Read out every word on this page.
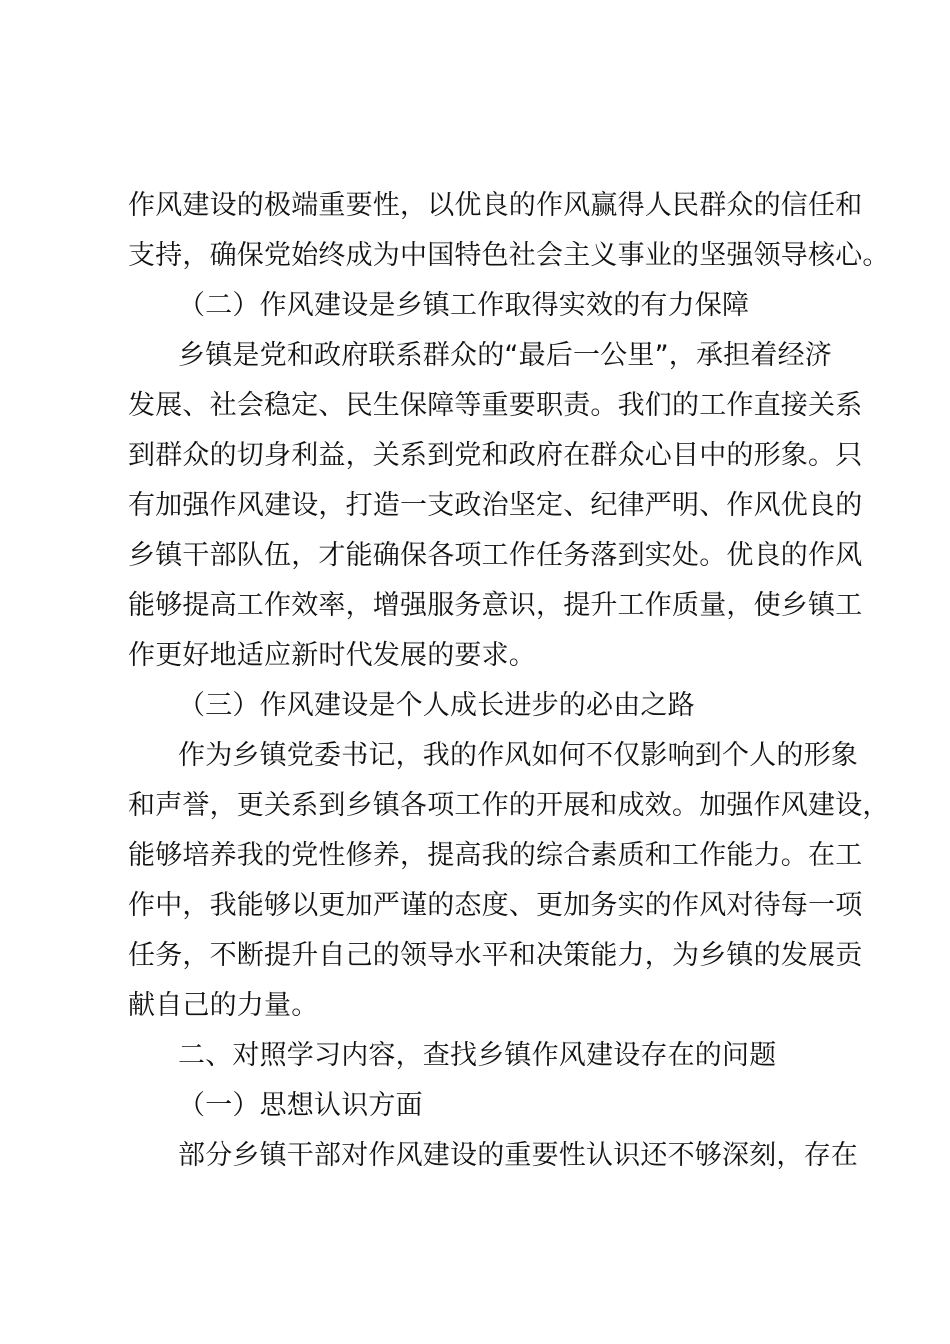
作风建设的极端重要性，以优良的作风赢得人民群众的信任和
支持，确保党始终成为中国特色社会主义事业的坚强领导核心。
（二）作风建设是乡镇工作取得实效的有力保障
乡镇是党和政府联系群众的“最后一公里”，承担着经济
发展、社会稳定、民生保障等重要职责。我们的工作直接关系
到群众的切身利益，关系到党和政府在群众心目中的形象。只
有加强作风建设，打造一支政治坚定、纪律严明、作风优良的
乡镇干部队伍，才能确保各项工作任务落到实处。优良的作风
能够提高工作效率，增强服务意识，提升工作质量，使乡镇工
作更好地适应新时代发展的要求。
（三）作风建设是个人成长进步的必由之路
作为乡镇党委书记，我的作风如何不仅影响到个人的形象
和声誉，更关系到乡镇各项工作的开展和成效。加强作风建设，
能够培养我的党性修养，提高我的综合素质和工作能力。在工
作中，我能够以更加严谨的态度、更加务实的作风对待每一项
任务，不断提升自己的领导水平和决策能力，为乡镇的发展贡
献自己的力量。
二、对照学习内容，查找乡镇作风建设存在的问题
（一）思想认识方面
部分乡镇干部对作风建设的重要性认识还不够深刻，存在
